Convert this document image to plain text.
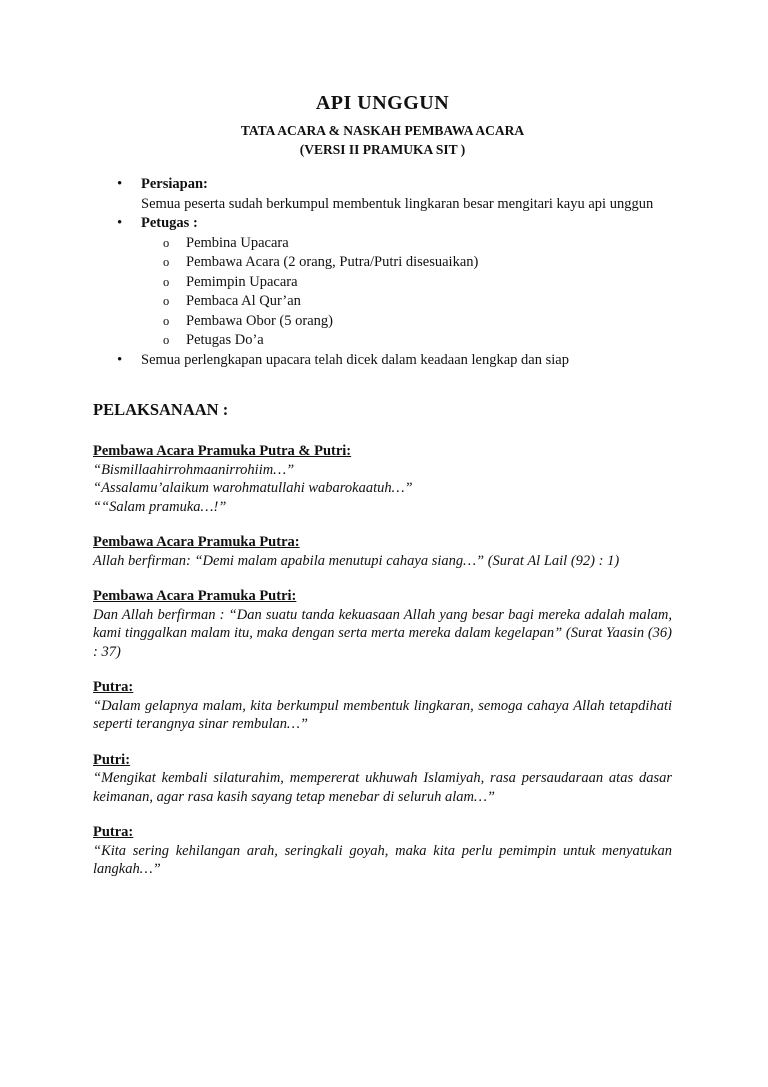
API UNGGUN
TATA ACARA & NASKAH PEMBAWA ACARA
(VERSI II PRAMUKA SIT )
• Persiapan:
Semua peserta sudah berkumpul membentuk lingkaran besar mengitari kayu api unggun
• Petugas :
o Pembina Upacara
o Pembawa Acara (2 orang, Putra/Putri disesuaikan)
o Pemimpin Upacara
o Pembaca Al Qur’an
o Pembawa Obor (5 orang)
o Petugas Do’a
• Semua perlengkapan upacara telah dicek dalam keadaan lengkap dan siap
PELAKSANAAN :
Pembawa Acara Pramuka Putra & Putri:
“Bismillaahirrohmaanirrohiim…”
“Assalamu’alaikum warohmatullahi wabarokaatuh…”
““Salam pramuka…!”
Pembawa Acara Pramuka Putra:
Allah berfirman: “Demi malam apabila menutupi cahaya siang…” (Surat Al Lail (92) : 1)
Pembawa Acara Pramuka Putri:
Dan Allah berfirman : “Dan suatu tanda kekuasaan Allah yang besar bagi mereka adalah malam, kami tinggalkan malam itu, maka dengan serta merta mereka dalam kegelapan” (Surat Yaasin (36) : 37)
Putra:
“Dalam gelapnya malam, kita berkumpul membentuk lingkaran, semoga cahaya Allah tetapdihati seperti terangnya sinar rembulan…”
Putri:
“Mengikat kembali silaturahim, mempererat ukhuwah Islamiyah, rasa persaudaraan atas dasar keimanan, agar rasa kasih sayang tetap menebar di seluruh alam…”
Putra:
“Kita sering kehilangan arah, seringkali goyah, maka kita perlu pemimpin untuk menyatukan langkah…”
